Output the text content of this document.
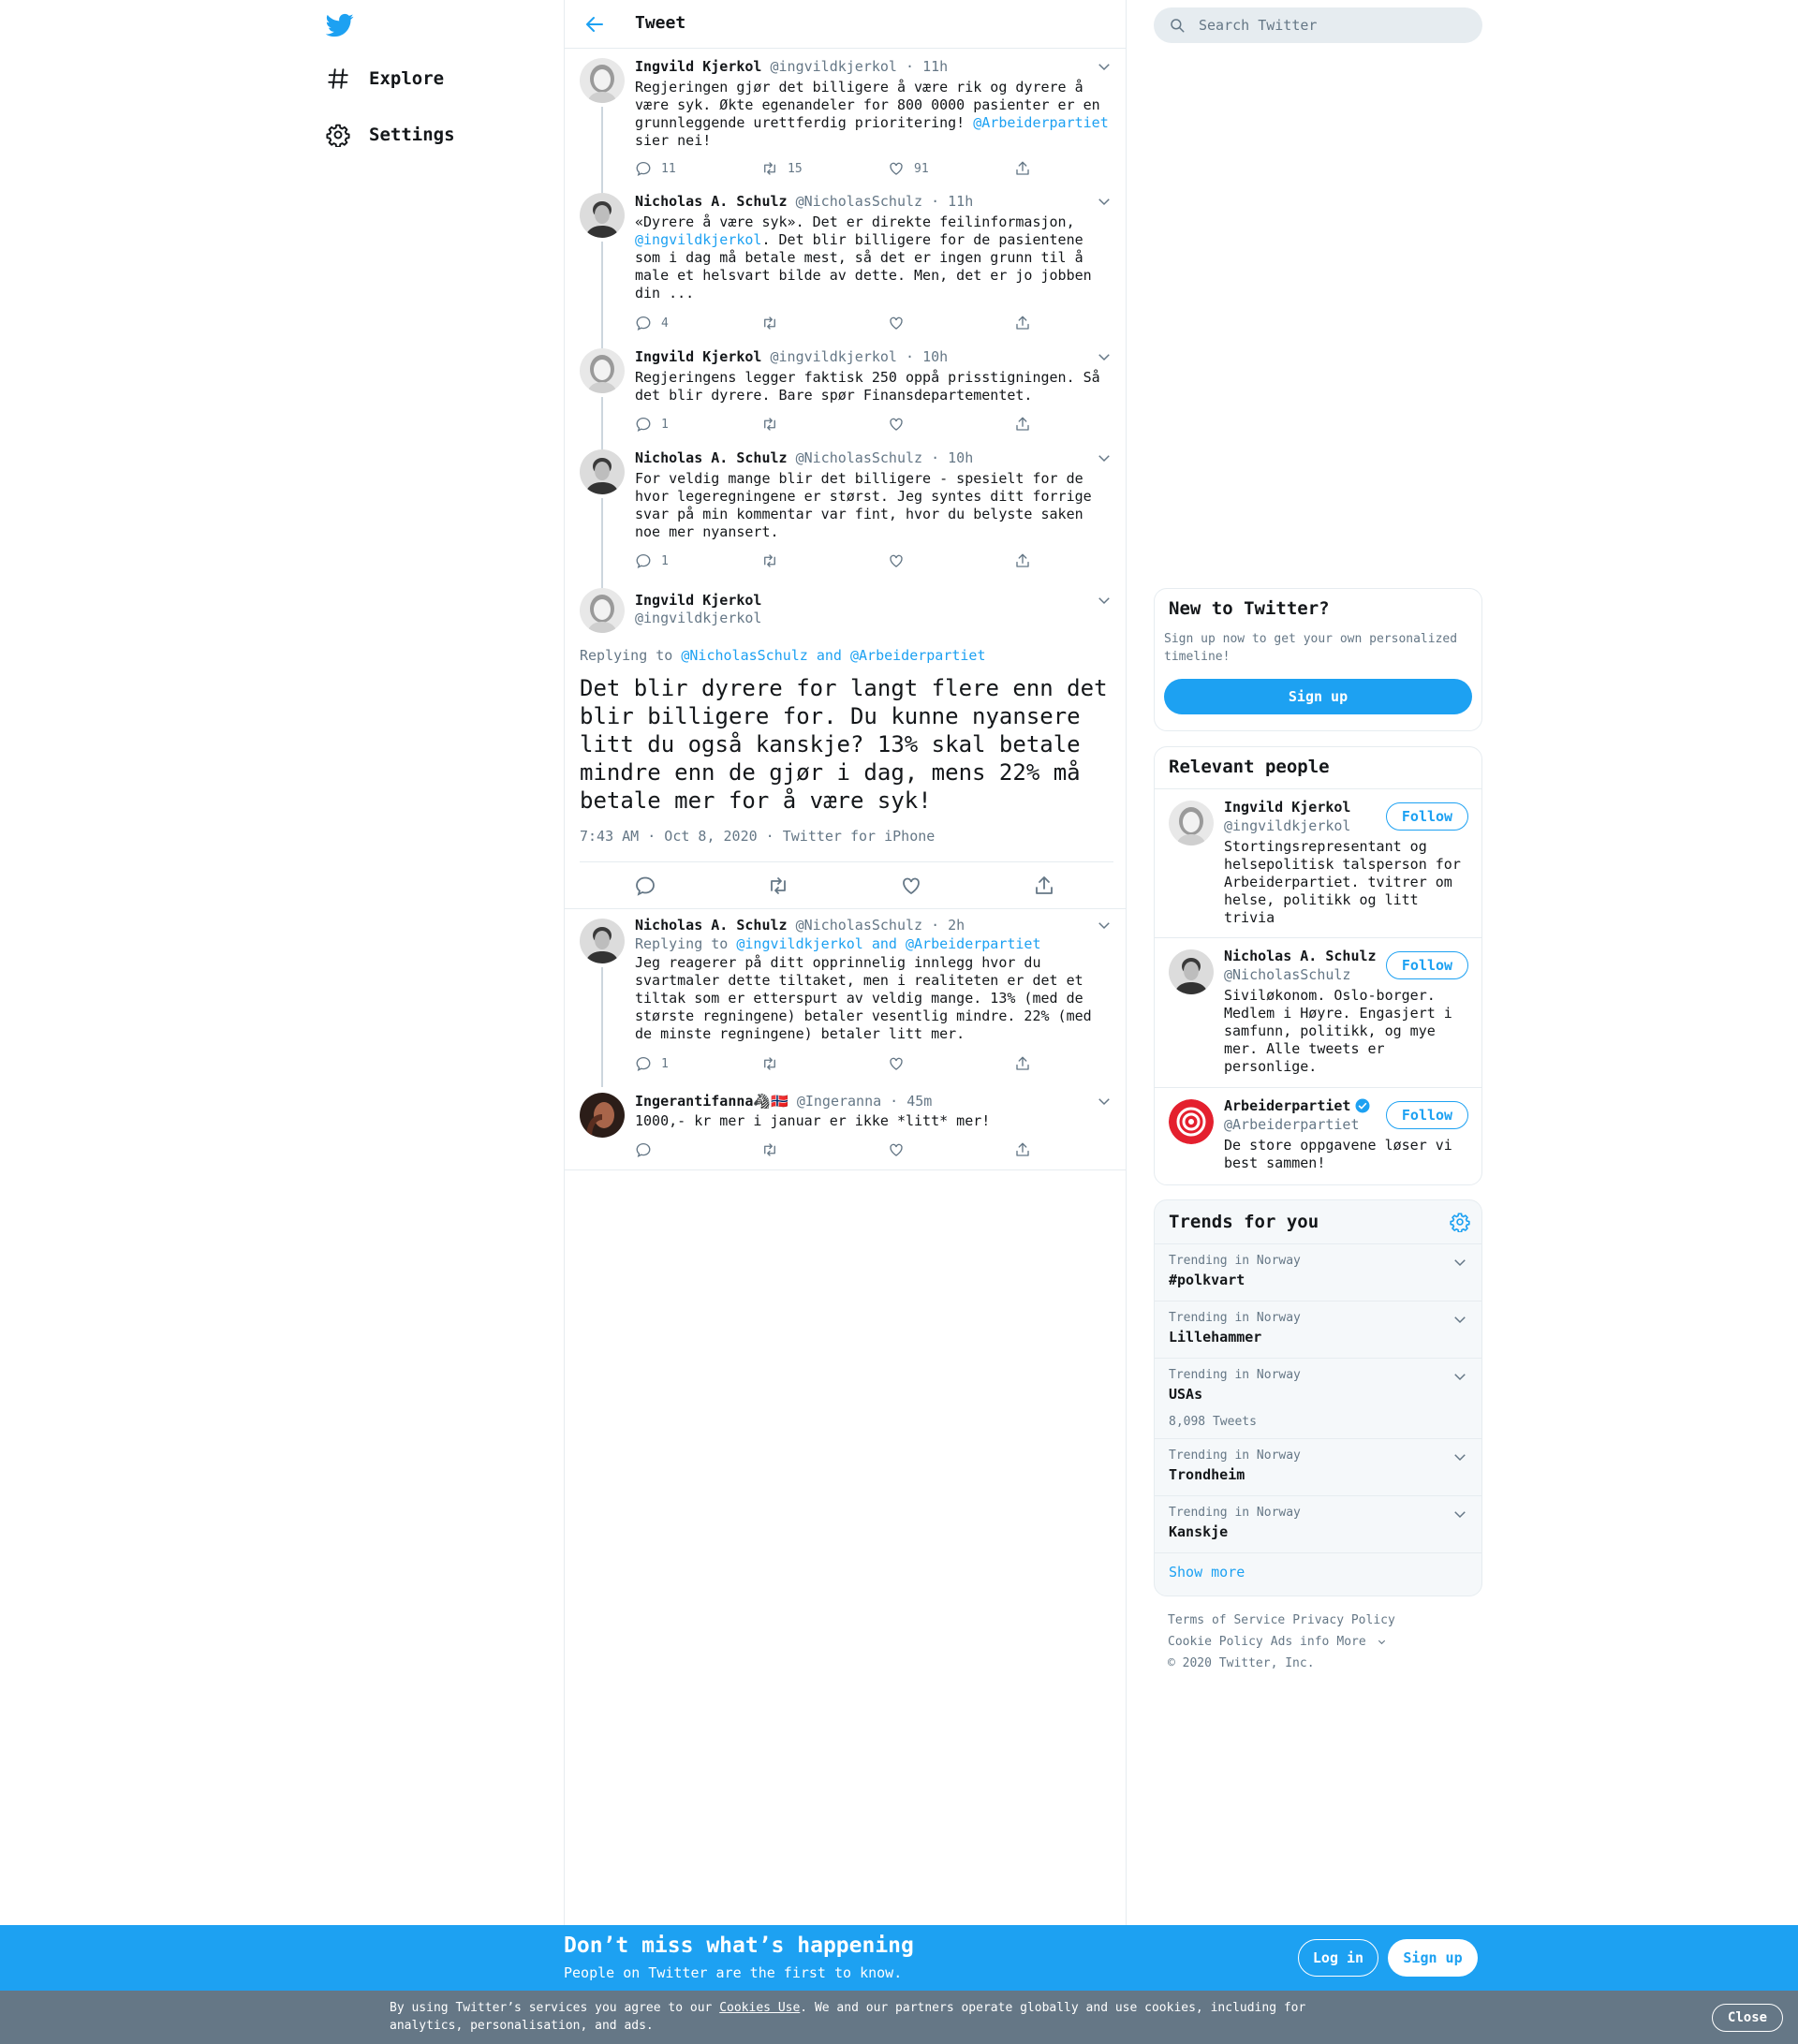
Explore
Settings
Tweet
Ingvild Kjerkol @ingvildkjerkol · 11h
Regjeringen gjør det billigere å være rik og dyrere å være syk. Økte egenandeler for 800 0000 pasienter er en grunnleggende urettferdig prioritering! @Arbeiderpartiet sier nei!
11	15	91
Nicholas A. Schulz @NicholasSchulz · 11h
«Dyrere å være syk». Det er direkte feilinformasjon, @ingvildkjerkol. Det blir billigere for de pasientene som i dag må betale mest, så det er ingen grunn til å male et helsvart bilde av dette. Men, det er jo jobben din ...
4
Ingvild Kjerkol @ingvildkjerkol · 10h
Regjeringens legger faktisk 250 oppå prisstigningen. Så det blir dyrere. Bare spør Finansdepartementet.
1
Nicholas A. Schulz @NicholasSchulz · 10h
For veldig mange blir det billigere - spesielt for de hvor legeregningene er størst. Jeg syntes ditt forrige svar på min kommentar var fint, hvor du belyste saken noe mer nyansert.
1
Ingvild Kjerkol
@ingvildkjerkol
Replying to @NicholasSchulz and @Arbeiderpartiet
Det blir dyrere for langt flere enn det blir billigere for. Du kunne nyansere litt du også kanskje? 13% skal betale mindre enn de gjør i dag, mens 22% må betale mer for å være syk!
7:43 AM · Oct 8, 2020 · Twitter for iPhone
Nicholas A. Schulz @NicholasSchulz · 2h
Replying to @ingvildkjerkol and @Arbeiderpartiet
Jeg reagerer på ditt opprinnelig innlegg hvor du svartmaler dette tiltaket, men i realiteten er det et tiltak som er etterspurt av veldig mange. 13% (med de største regningene) betaler vesentlig mindre. 22% (med de minste regningene) betaler litt mer.
1
Ingerantifanna🦓🇳🇴 @Ingeranna · 45m
1000,- kr mer i januar er ikke *litt* mer!
Search Twitter
New to Twitter?
Sign up now to get your own personalized timeline!
Sign up
Relevant people
Ingvild Kjerkol
@ingvildkjerkol
Stortingsrepresentant og helsepolitisk talsperson for Arbeiderpartiet. tvitrer om helse, politikk og litt trivia
Follow
Nicholas A. Schulz
@NicholasSchulz
Siviløkonom. Oslo-borger. Medlem i Høyre. Engasjert i samfunn, politikk, og mye mer. Alle tweets er personlige.
Follow
Arbeiderpartiet
@Arbeiderpartiet
De store oppgavene løser vi best sammen!
Follow
Trends for you
Trending in Norway
#polkvart
Trending in Norway
Lillehammer
Trending in Norway
USAs
8,098 Tweets
Trending in Norway
Trondheim
Trending in Norway
Kanskje
Show more
Terms of Service Privacy Policy
Cookie Policy Ads info More
© 2020 Twitter, Inc.
Don’t miss what’s happening
People on Twitter are the first to know.
Log in	Sign up
By using Twitter’s services you agree to our Cookies Use. We and our partners operate globally and use cookies, including for analytics, personalisation, and ads.
Close
